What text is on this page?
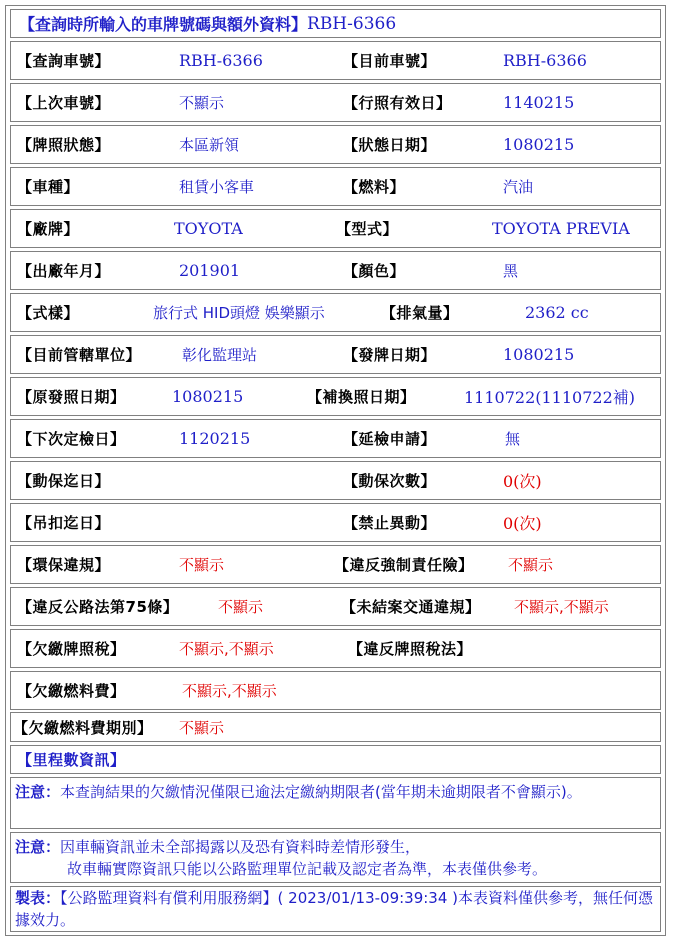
【查詢時所輸入的車牌號碼與額外資料】 RBH-6366
【查詢車號】	RBH-6366	【目前車號】	RBH-6366
【上次車號】	不顯示	【行照有效日】	1140215
【牌照狀態】	本區新領	【狀態日期】	1080215
【車種】	租賃小客車	【燃料】	汽油
【廠牌】	TOYOTA	【型式】	TOYOTA PREVIA
【出廠年月】	201901	【顏色】	黑
【式樣】	旅行式 HID頭燈 娛樂顯示	【排氣量】	2362 cc
【目前管轄單位】	彰化監理站	【發牌日期】	1080215
【原發照日期】	1080215	【補換照日期】	1110722(1110722補)
【下次定檢日】	1120215	【延檢申請】	無
【動保迄日】	【動保次數】	0(次)
【吊扣迄日】	【禁止異動】	0(次)
【環保違規】	不顯示	【違反強制責任險】 不顯示
【違反公路法第75條】	不顯示	【未結案交通違規】 不顯示,不顯示
【欠繳牌照稅】	不顯示,不顯示	【違反牌照稅法】
【欠繳燃料費】	不顯示,不顯示
【欠繳燃料費期別】 不顯示
【里程數資訊】
注意：本查詢結果的欠繳情況僅限已逾法定繳納期限者(當年期未逾期限者不會顯示)。
注意：因車輛資訊並未全部揭露以及恐有資料時差情形發生，
故車輛實際資訊只能以公路監理單位記載及認定者為準，本表僅供參考。
製表：【公路監理資料有償利用服務網】( 2023/01/13-09:39:34 )本表資料僅供參考，無任何憑據效力。
